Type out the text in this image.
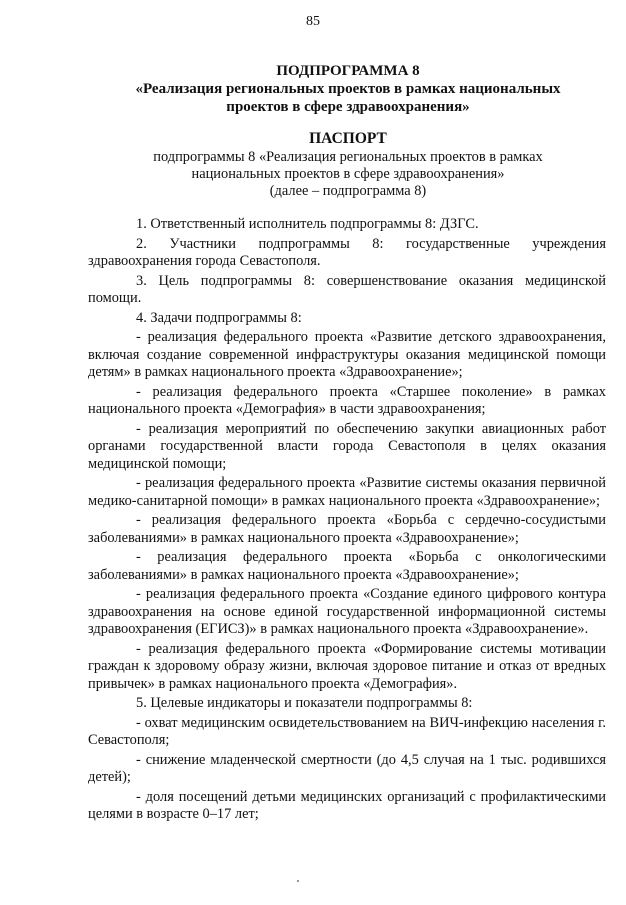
85
ПОДПРОГРАММА 8
«Реализация региональных проектов в рамках национальных
проектов в сфере здравоохранения»
ПАСПОРТ
подпрограммы 8 «Реализация региональных проектов в рамках
национальных проектов в сфере здравоохранения»
(далее – подпрограмма 8)

1. Ответственный исполнитель подпрограммы 8: ДЗГС.

2. Участники подпрограммы 8: государственные учреждения здравоохранения города Севастополя.

3. Цель подпрограммы 8: совершенствование оказания медицинской помощи.

4. Задачи подпрограммы 8:

- реализация федерального проекта «Развитие детского здравоохранения, включая создание современной инфраструктуры оказания медицинской помощи детям» в рамках национального проекта «Здравоохранение»;

- реализация федерального проекта «Старшее поколение» в рамках национального проекта «Демография» в части здравоохранения;

- реализация мероприятий по обеспечению закупки авиационных работ органами государственной власти города Севастополя в целях оказания медицинской помощи;

- реализация федерального проекта «Развитие системы оказания первичной медико-санитарной помощи» в рамках национального проекта «Здравоохранение»;

- реализация федерального проекта «Борьба с сердечно-сосудистыми заболеваниями» в рамках национального проекта «Здравоохранение»;

- реализация федерального проекта «Борьба с онкологическими заболеваниями» в рамках национального проекта «Здравоохранение»;

- реализация федерального проекта «Создание единого цифрового контура здравоохранения на основе единой государственной информационной системы здравоохранения (ЕГИСЗ)» в рамках национального проекта «Здравоохранение».

- реализация федерального проекта «Формирование системы мотивации граждан к здоровому образу жизни, включая здоровое питание и отказ от вредных привычек» в рамках национального проекта «Демография».

5. Целевые индикаторы и показатели подпрограммы 8:

- охват медицинским освидетельствованием на ВИЧ-инфекцию населения г. Севастополя;

- снижение младенческой смертности (до 4,5 случая на 1 тыс. родившихся детей);

- доля посещений детьми медицинских организаций с профилактическими целями в возрасте 0–17 лет;
